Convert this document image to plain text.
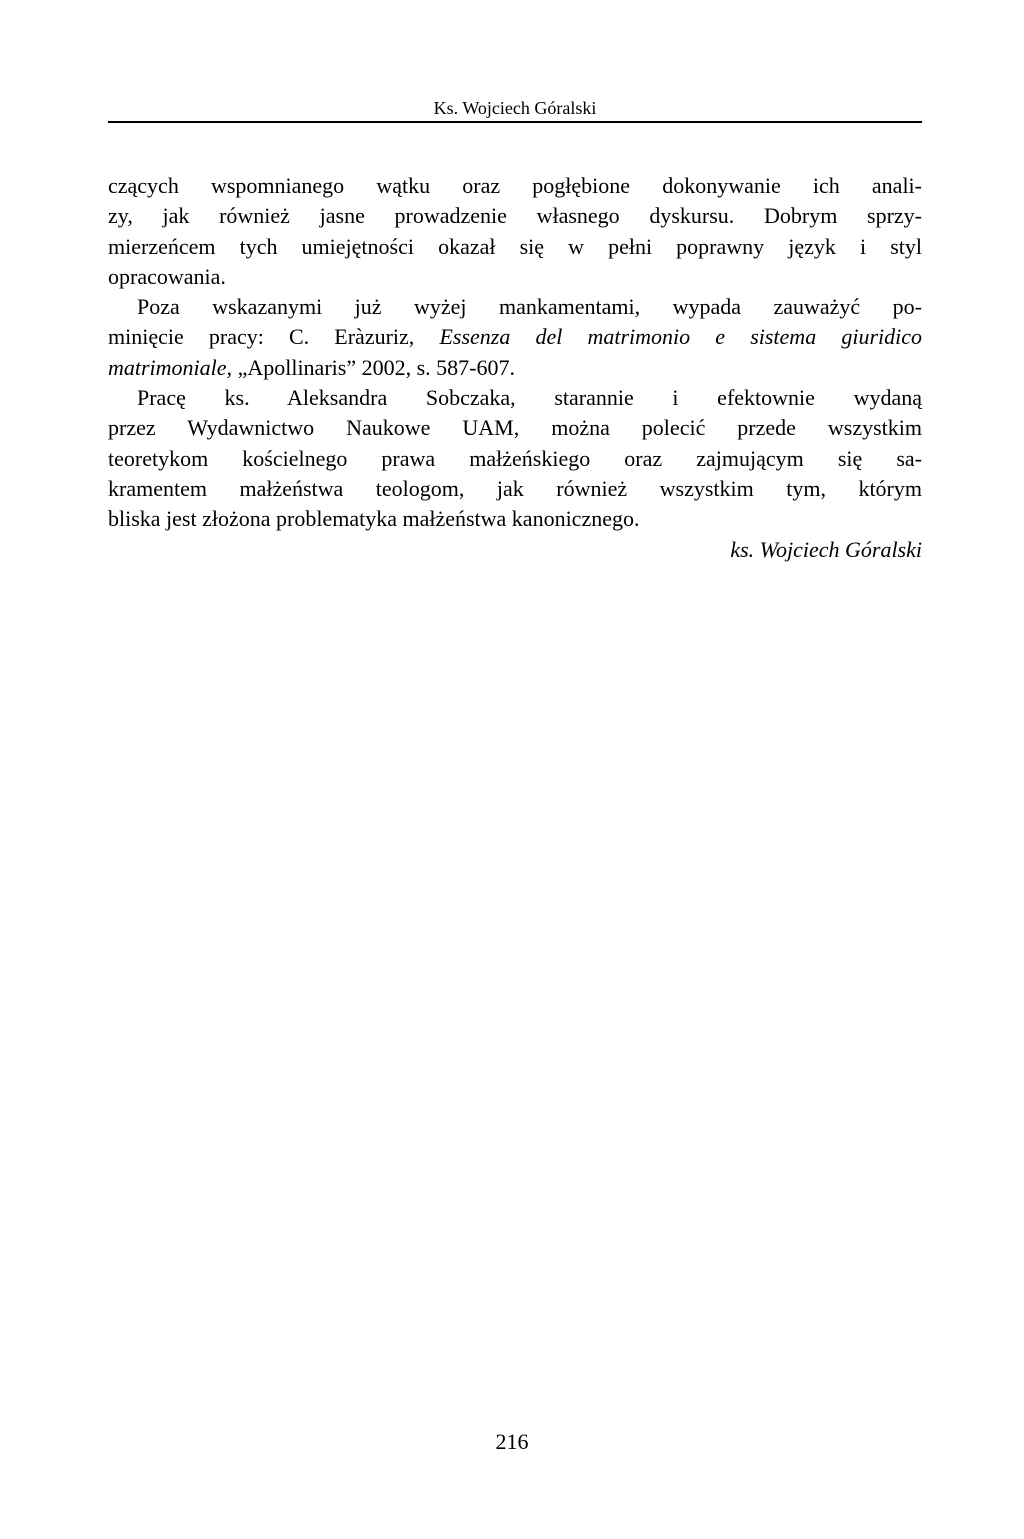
Ks. Wojciech Góralski
czących wspomnianego wątku oraz pogłębione dokonywanie ich anali-
zy, jak również jasne prowadzenie własnego dyskursu. Dobrym sprzy-
mierzeńcem tych umiejętności okazał się w pełni poprawny język i styl
opracowania.
Poza wskazanymi już wyżej mankamentami, wypada zauważyć po-
minięcie pracy: C. Eràzuriz, Essenza del matrimonio e sistema giuridico
matrimoniale, „Apollinaris” 2002, s. 587-607.
Pracę ks. Aleksandra Sobczaka, starannie i efektownie wydaną
przez Wydawnictwo Naukowe UAM, można polecić przede wszystkim
teoretykom kościelnego prawa małżeńskiego oraz zajmującym się sa-
kramentem małżeństwa teologom, jak również wszystkim tym, którym
bliska jest złożona problematyka małżeństwa kanonicznego.
ks. Wojciech Góralski
216
